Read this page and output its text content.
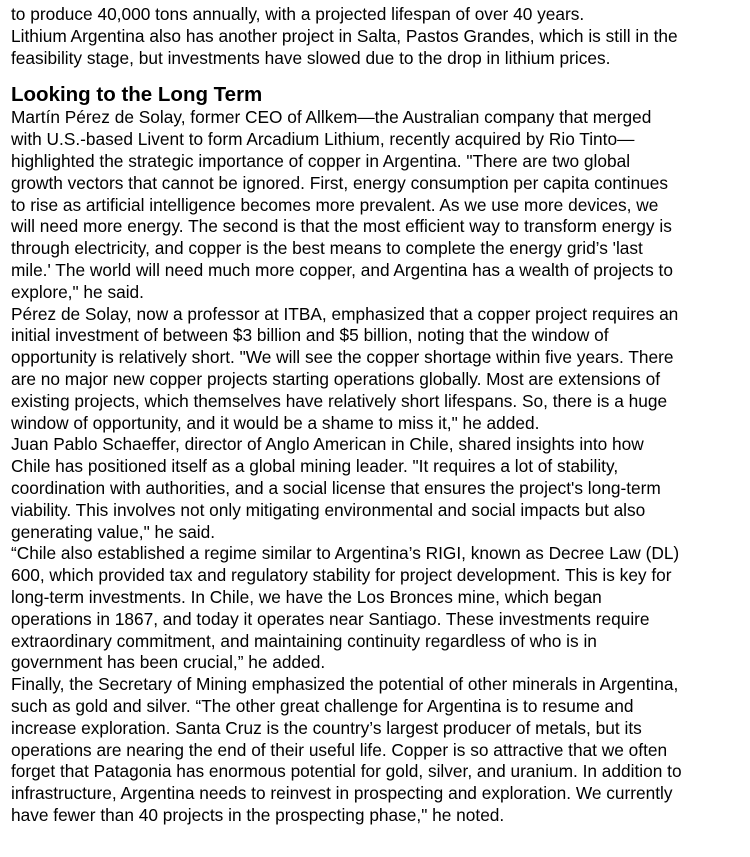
to produce 40,000 tons annually, with a projected lifespan of over 40 years.

Lithium Argentina also has another project in Salta, Pastos Grandes, which is still in the
feasibility stage, but investments have slowed due to the drop in lithium prices.

Looking to the Long Term

Martín Pérez de Solay, former CEO of Allkem—the Australian company that merged
with U.S.-based Livent to form Arcadium Lithium, recently acquired by Rio Tinto—
highlighted the strategic importance of copper in Argentina. "There are two global
growth vectors that cannot be ignored. First, energy consumption per capita continues
to rise as artificial intelligence becomes more prevalent. As we use more devices, we
will need more energy. The second is that the most efficient way to transform energy is
through electricity, and copper is the best means to complete the energy grid’s 'last
mile.' The world will need much more copper, and Argentina has a wealth of projects to
explore," he said.

Pérez de Solay, now a professor at ITBA, emphasized that a copper project requires an
initial investment of between $3 billion and $5 billion, noting that the window of
opportunity is relatively short. "We will see the copper shortage within five years. There
are no major new copper projects starting operations globally. Most are extensions of
existing projects, which themselves have relatively short lifespans. So, there is a huge
window of opportunity, and it would be a shame to miss it," he added.

Juan Pablo Schaeffer, director of Anglo American in Chile, shared insights into how
Chile has positioned itself as a global mining leader. "It requires a lot of stability,
coordination with authorities, and a social license that ensures the project's long-term
viability. This involves not only mitigating environmental and social impacts but also
generating value," he said.

“Chile also established a regime similar to Argentina’s RIGI, known as Decree Law (DL)
600, which provided tax and regulatory stability for project development. This is key for
long-term investments. In Chile, we have the Los Bronces mine, which began
operations in 1867, and today it operates near Santiago. These investments require
extraordinary commitment, and maintaining continuity regardless of who is in
government has been crucial,” he added.

Finally, the Secretary of Mining emphasized the potential of other minerals in Argentina,
such as gold and silver. “The other great challenge for Argentina is to resume and
increase exploration. Santa Cruz is the country’s largest producer of metals, but its
operations are nearing the end of their useful life. Copper is so attractive that we often
forget that Patagonia has enormous potential for gold, silver, and uranium. In addition to
infrastructure, Argentina needs to reinvest in prospecting and exploration. We currently
have fewer than 40 projects in the prospecting phase," he noted.
